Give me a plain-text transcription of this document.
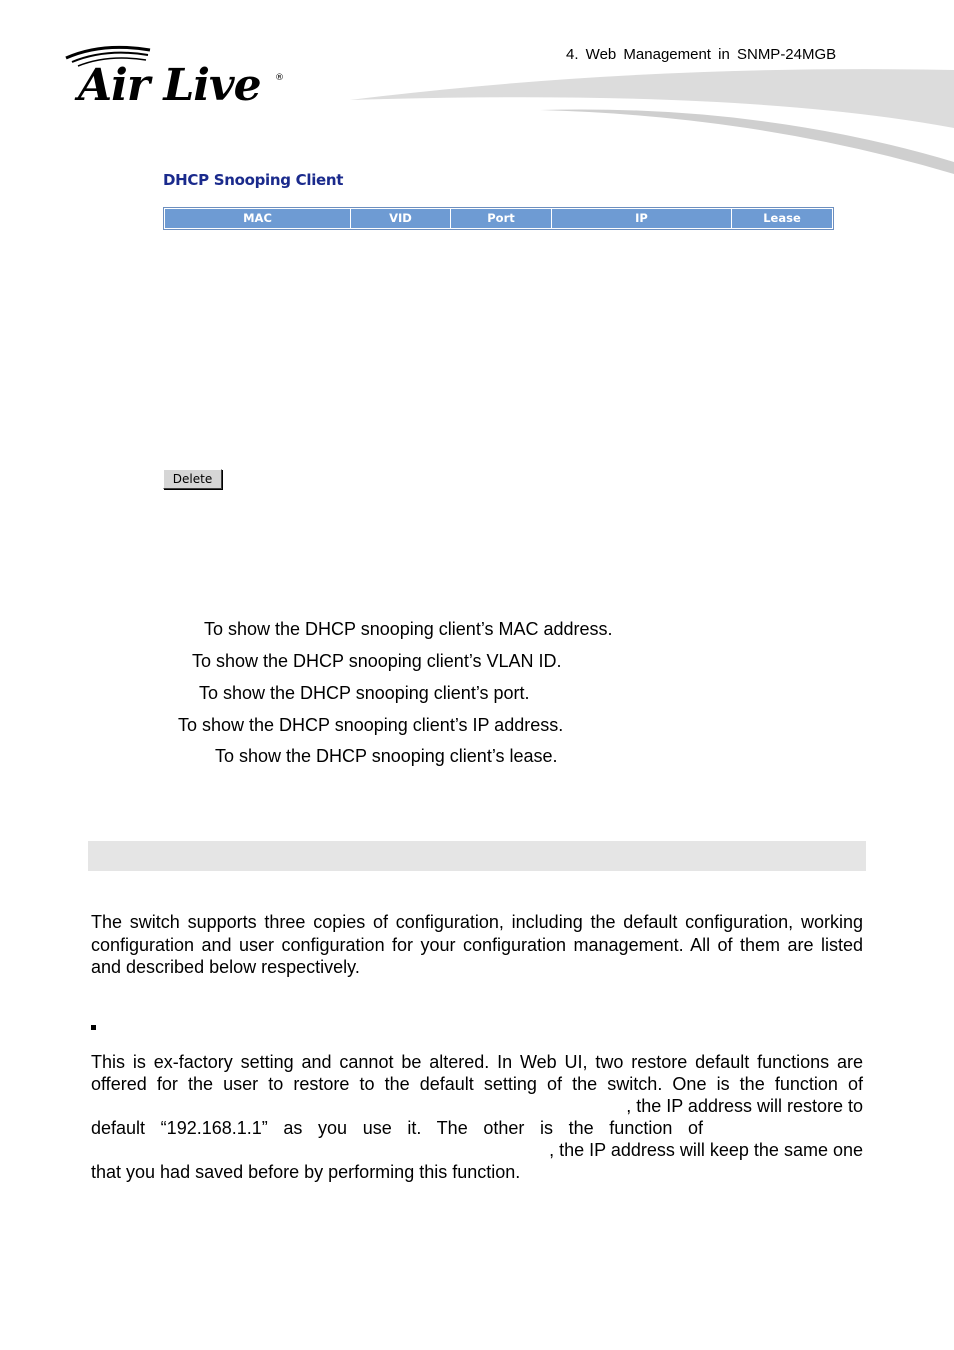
Air Live ®
4. Web Management in SNMP-24MGB
DHCP Snooping Client
MAC	VID	Port	IP	Lease
Delete
To show the DHCP snooping client’s MAC address.
To show the DHCP snooping client’s VLAN ID.
To show the DHCP snooping client’s port.
To show the DHCP snooping client’s IP address.
To show the DHCP snooping client’s lease.
The switch supports three copies of configuration, including the default configuration, working configuration and user configuration for your configuration management. All of them are listed and described below respectively.
This is ex-factory setting and cannot be altered. In Web UI, two restore default functions are
offered for the user to restore to the default setting of the switch. One is the function of
, the IP address will restore to
default “192.168.1.1” as you use it. The other is the function of
, the IP address will keep the same one
that you had saved before by performing this function.
